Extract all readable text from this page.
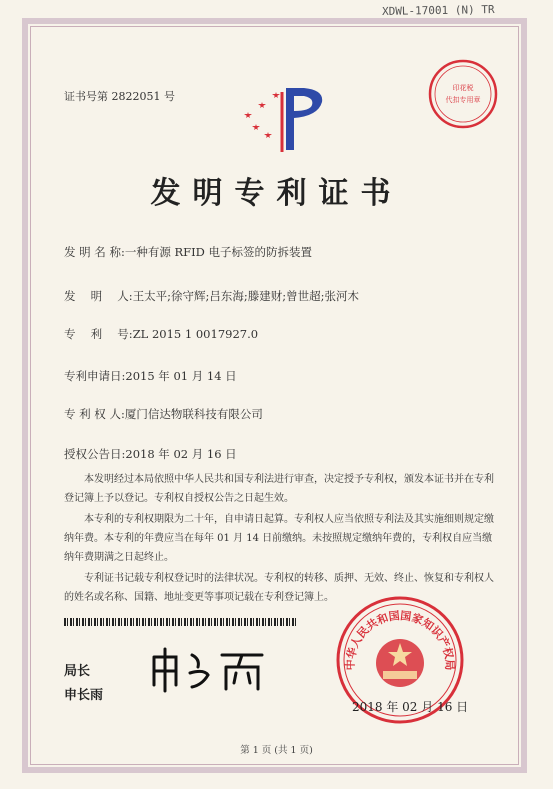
XDWL-17001 (N) TR
证书号第 2822051 号
印花税
代扣专用章
发明专利证书
发 明 名 称:一种有源 RFID 电子标签的防拆装置
发　 明　 人:王太平;徐守辉;吕东海;滕建财;曾世超;张河木
专　 利　 号:ZL 2015 1 0017927.0
专利申请日:2015 年 01 月 14 日
专 利 权 人:厦门信达物联科技有限公司
授权公告日:2018 年 02 月 16 日
本发明经过本局依照中华人民共和国专利法进行审查，决定授予专利权，颁发本证书并在专利登记簿上予以登记。专利权自授权公告之日起生效。
本专利的专利权期限为二十年，自申请日起算。专利权人应当依照专利法及其实施细则规定缴纳年费。本专利的年费应当在每年 01 月 14 日前缴纳。未按照规定缴纳年费的，专利权自应当缴纳年费期满之日起终止。
专利证书记载专利权登记时的法律状况。专利权的转移、质押、无效、终止、恢复和专利权人的姓名或名称、国籍、地址变更等事项记载在专利登记簿上。
局长
申长雨
中华人民共和国国家知识产权局
2018 年 02 月 16 日
第 1 页 (共 1 页)
